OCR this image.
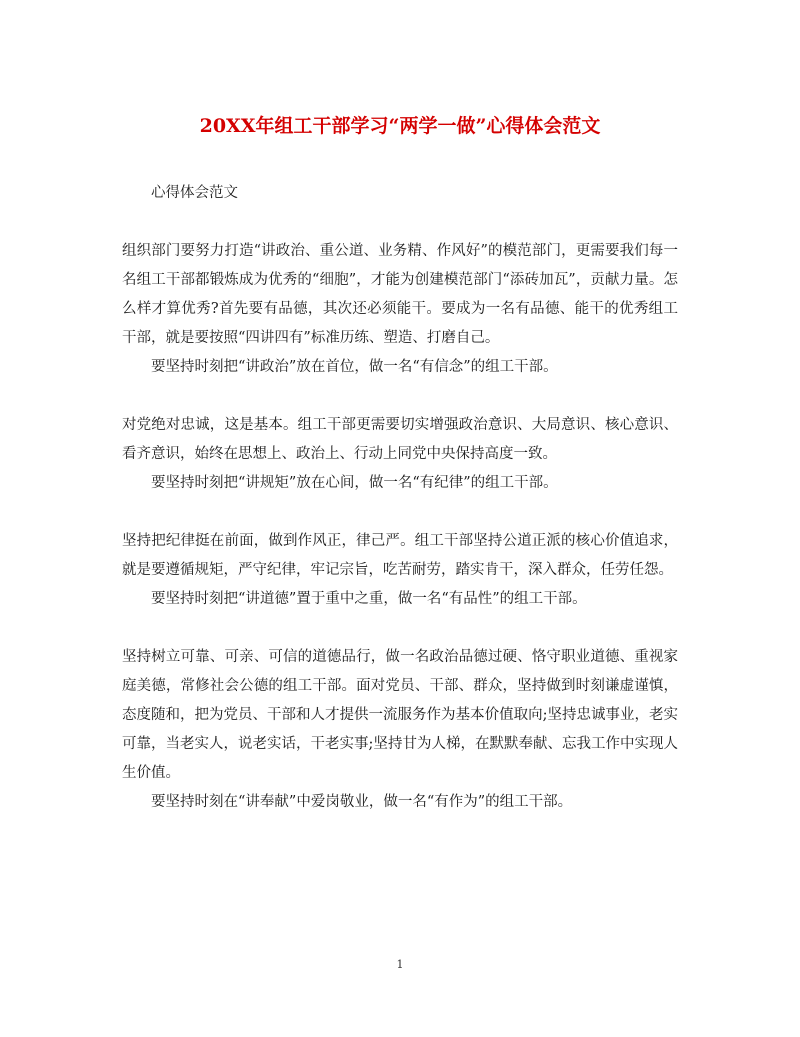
20XX年组工干部学习“两学一做”心得体会范文

心得体会范文

组织部门要努力打造“讲政治、重公道、业务精、作风好”的模范部门，更需要我们每一名组工干部都锻炼成为优秀的“细胞”，才能为创建模范部门“添砖加瓦”，贡献力量。怎么样才算优秀?首先要有品德，其次还必须能干。要成为一名有品德、能干的优秀组工干部，就是要按照“四讲四有”标准历练、塑造、打磨自己。

要坚持时刻把“讲政治”放在首位，做一名“有信念”的组工干部。

对党绝对忠诚，这是基本。组工干部更需要切实增强政治意识、大局意识、核心意识、看齐意识，始终在思想上、政治上、行动上同党中央保持高度一致。

要坚持时刻把“讲规矩”放在心间，做一名“有纪律”的组工干部。

坚持把纪律挺在前面，做到作风正，律己严。组工干部坚持公道正派的核心价值追求，就是要遵循规矩，严守纪律，牢记宗旨，吃苦耐劳，踏实肯干，深入群众，任劳任怨。

要坚持时刻把“讲道德”置于重中之重，做一名“有品性”的组工干部。

坚持树立可靠、可亲、可信的道德品行，做一名政治品德过硬、恪守职业道德、重视家庭美德，常修社会公德的组工干部。面对党员、干部、群众，坚持做到时刻谦虚谨慎，态度随和，把为党员、干部和人才提供一流服务作为基本价值取向;坚持忠诚事业，老实可靠，当老实人，说老实话，干老实事;坚持甘为人梯，在默默奉献、忘我工作中实现人生价值。

要坚持时刻在“讲奉献”中爱岗敬业，做一名“有作为”的组工干部。

1
